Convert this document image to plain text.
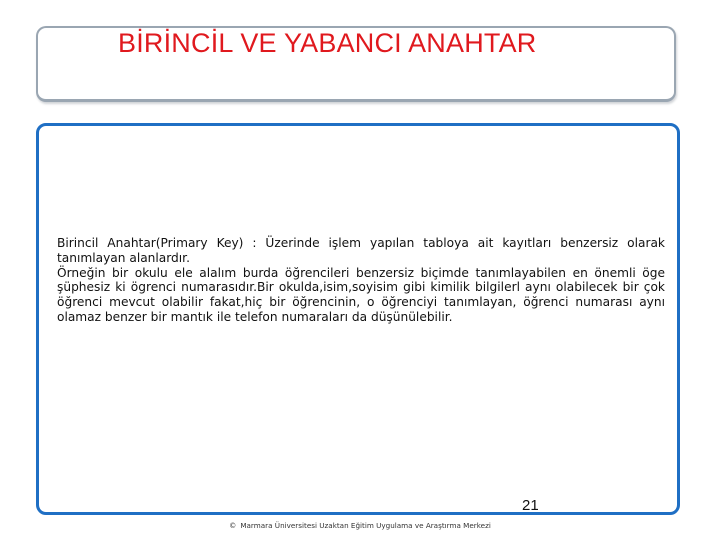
BİRİNCİL VE YABANCI ANAHTAR

Birincil Anahtar(Primary Key) : Üzerinde işlem yapılan tabloya ait kayıtları benzersiz olarak tanımlayan alanlardır.

Örneğin bir okulu ele alalım burda öğrencileri benzersiz biçimde tanımlayabilen en önemli öge şüphesiz ki ögrenci numarasıdır.Bir okulda,isim,soyisim gibi kimilik bilgilerl aynı olabilecek bir çok öğrenci mevcut olabilir fakat,hiç bir öğrencinin, o öğrenciyi tanımlayan, öğrenci numarası aynı olamaz benzer bir mantık ile telefon numaraları da düşünülebilir.

21
© Marmara Üniversitesi Uzaktan Eğitim Uygulama ve Araştırma Merkezi
